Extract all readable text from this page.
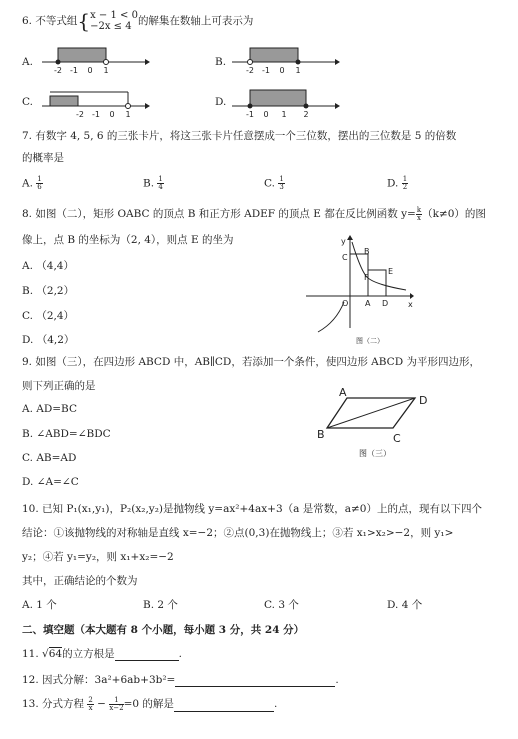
6. 不等式组{ x − 1 < 0
−2x ≤ 4 的解集在数轴上可表示为
A.
-2 -1 0 1
B.
-2 -1 0 1
C.
-2 -1 0 1
D.
-1 0 1 2
7. 有数字 4, 5, 6 的三张卡片，将这三张卡片任意摆成一个三位数，摆出的三位数是 5 的倍数
的概率是
A. $\frac{1}{6}$	B. $\frac{1}{4}$	C. $\frac{1}{3}$	D. $\frac{1}{2}$
8. 如图（二），矩形 OABC 的顶点 B 和正方形 ADEF 的顶点 E 都在反比例函数 $y= \frac{k}{x} (k\ne 0)$的图
像上，点 B 的坐标为（2, 4），则点 E 的坐为
A. （4,4）
B. （2,2）
C. （2,4）
D. （4,2）
y
x
C
B
F
E
O A D
图（二）
9. 如图（三），在四边形 ABCD 中，AB∥CD，若添加一个条件，使四边形 ABCD 为平形四边形，
则下列正确的是
A. AD=BC
B. ∠ABD=∠BDC
C. AB=AD
D. ∠A=∠C
A
D
B	C
图（三）
10. 已知 P₁(x₁,y₁)，P₂(x₂,y₂)是抛物线 y=ax²+4ax+3（a 是常数，a≠0）上的点，现有以下四个
结论：①该抛物线的对称轴是直线 x=−2；②点(0,3)在抛物线上；③若 x₁>x₂>−2，则 y₁>
y₂；④若 y₁=y₂，则 x₁+x₂=−2
其中，正确结论的个数为
A. 1 个	B. 2 个	C. 3 个	D. 4 个
二、填空题（本大题有 8 个小题，每小题 3 分，共 24 分）
11. √64的立方根是	.
12. 因式分解：3a²+6ab+3b²=	.
13. 分式方程 $\frac{2}{x} - \frac{1}{x-2} =0$ 的解是	.
